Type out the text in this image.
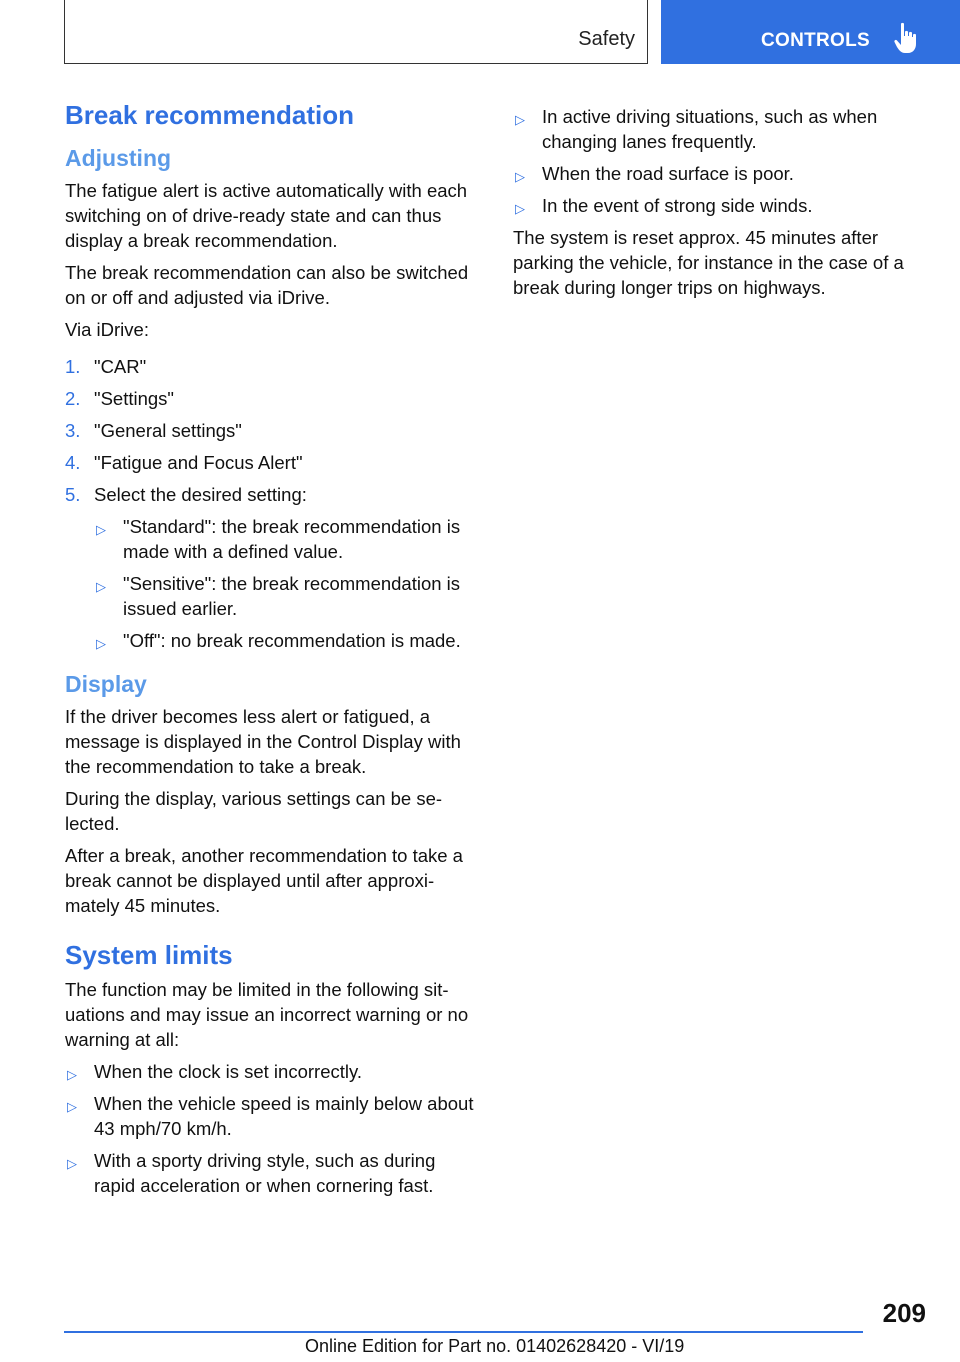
Safety	CONTROLS
Break recommendation
Adjusting

The fatigue alert is active automatically with each switching on of drive-ready state and can thus display a break recommendation.

The break recommendation can also be switched on or off and adjusted via iDrive.

Via iDrive:

1. "CAR"
2. "Settings"
3. "General settings"
4. "Fatigue and Focus Alert"
5. Select the desired setting:
▷ "Standard": the break recommendation is made with a defined value.
▷ "Sensitive": the break recommendation is issued earlier.
▷ "Off": no break recommendation is made.
Display

If the driver becomes less alert or fatigued, a message is displayed in the Control Display with the recommendation to take a break.

During the display, various settings can be selected.

After a break, another recommendation to take a break cannot be displayed until after approximately 45 minutes.

System limits

The function may be limited in the following situations and may issue an incorrect warning or no warning at all:

▷ When the clock is set incorrectly.
▷ When the vehicle speed is mainly below about 43 mph/70 km/h.
▷ With a sporty driving style, such as during rapid acceleration or when cornering fast.
▷ In active driving situations, such as when changing lanes frequently.
▷ When the road surface is poor.
▷ In the event of strong side winds.

The system is reset approx. 45 minutes after parking the vehicle, for instance in the case of a break during longer trips on highways.

209
Online Edition for Part no. 01402628420 - VI/19
